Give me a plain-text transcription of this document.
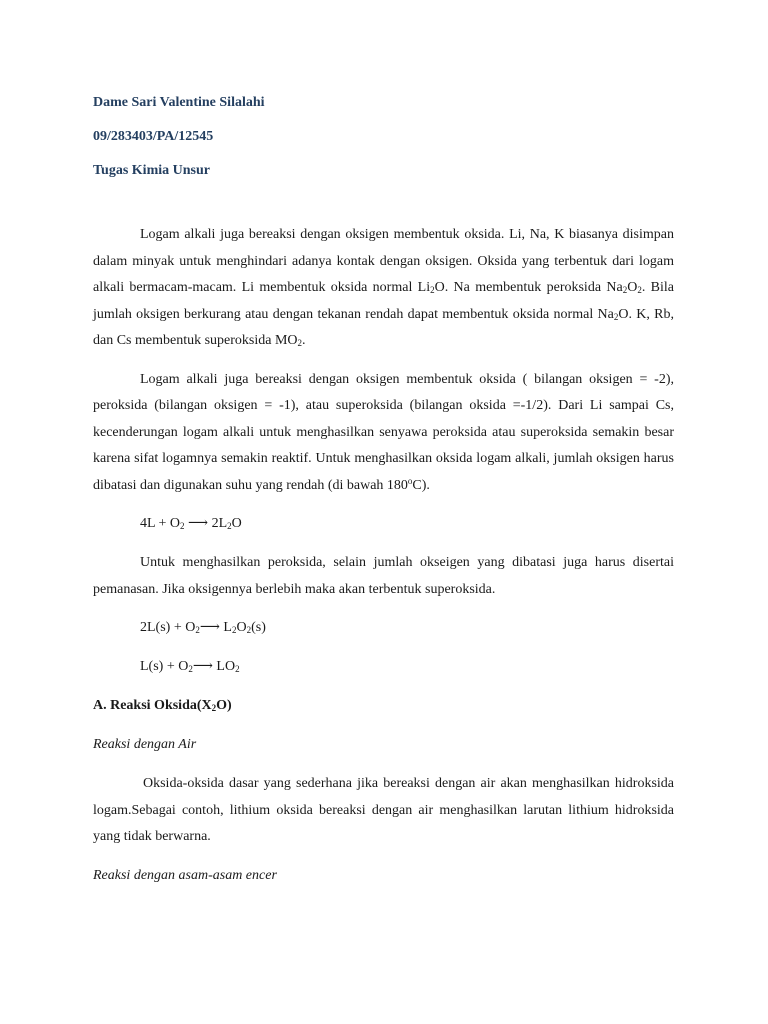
Dame Sari Valentine Silalahi

09/283403/PA/12545

Tugas Kimia Unsur

Logam alkali juga bereaksi dengan oksigen membentuk oksida. Li, Na, K biasanya disimpan dalam minyak untuk menghindari adanya kontak dengan oksigen. Oksida yang terbentuk dari logam alkali bermacam-macam. Li membentuk oksida normal $Li_2O$. Na membentuk peroksida $Na_2O_2$. Bila jumlah oksigen berkurang atau dengan tekanan rendah dapat membentuk oksida normal $Na_2O$. K, Rb, dan Cs membentuk superoksida $MO_2$.

Logam alkali juga bereaksi dengan oksigen membentuk oksida ( bilangan oksigen = -2), peroksida (bilangan oksigen = -1), atau superoksida (bilangan oksida =-1/2). Dari Li sampai Cs, kecenderungan logam alkali untuk menghasilkan senyawa peroksida atau superoksida semakin besar karena sifat logamnya semakin reaktif. Untuk menghasilkan oksida logam alkali, jumlah oksigen harus dibatasi dan digunakan suhu yang rendah (di bawah 180$^o$C).

$4L + O_2$ ⟶ $2L_2O$

Untuk menghasilkan peroksida, selain jumlah okseigen yang dibatasi juga harus disertai pemanasan. Jika oksigennya berlebih maka akan terbentuk superoksida.

$2L(s) + O_2⟶$ $L_2O_2(s)$

$L(s) + O_2⟶$ $LO_2$

A. Reaksi $Oksida(X_2O)$

Reaksi dengan Air

Oksida-oksida dasar yang sederhana jika bereaksi dengan air akan menghasilkan hidroksida logam.Sebagai contoh, lithium oksida bereaksi dengan air menghasilkan larutan lithium hidroksida yang tidak berwarna.

Reaksi dengan asam-asam encer
